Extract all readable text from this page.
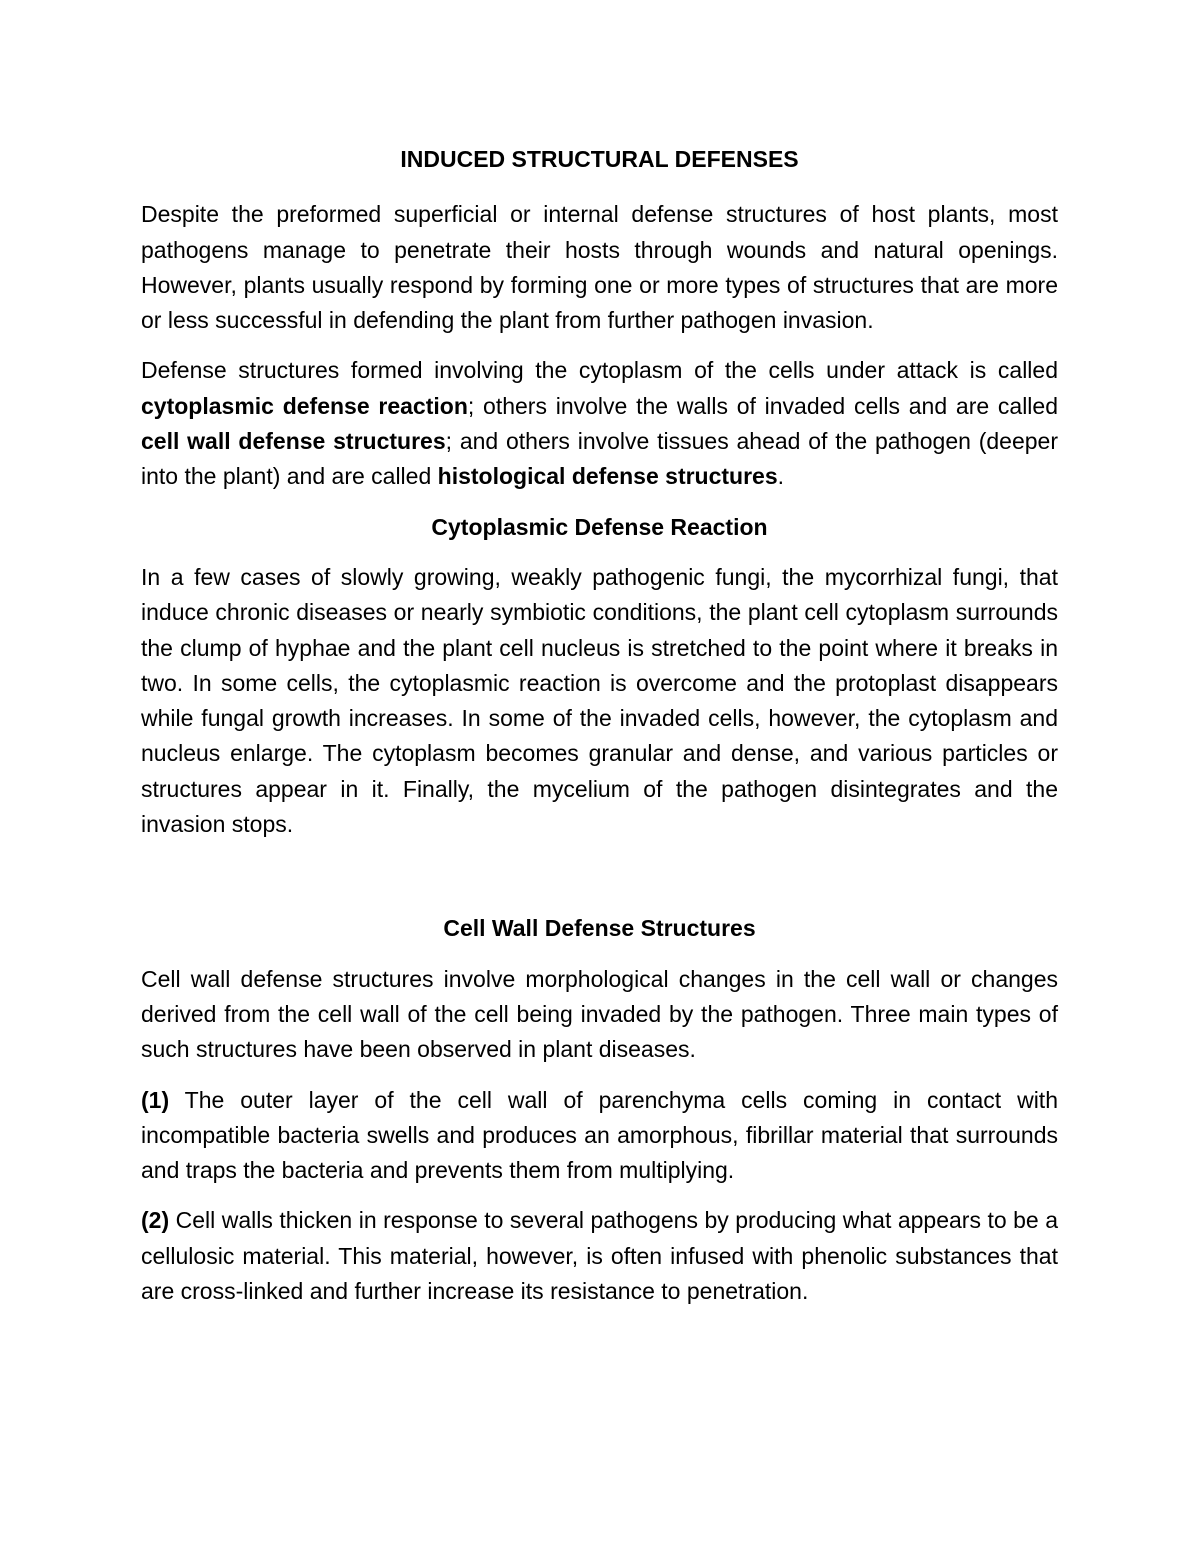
INDUCED STRUCTURAL DEFENSES

Despite the preformed superficial or internal defense structures of host plants, most pathogens manage to penetrate their hosts through wounds and natural openings. However, plants usually respond by forming one or more types of structures that are more or less successful in defending the plant from further pathogen invasion.

Defense structures formed involving the cytoplasm of the cells under attack is called cytoplasmic defense reaction; others involve the walls of invaded cells and are called cell wall defense structures; and others involve tissues ahead of the pathogen (deeper into the plant) and are called histological defense structures.

Cytoplasmic Defense Reaction

In a few cases of slowly growing, weakly pathogenic fungi, the mycorrhizal fungi, that induce chronic diseases or nearly symbiotic conditions, the plant cell cytoplasm surrounds the clump of hyphae and the plant cell nucleus is stretched to the point where it breaks in two. In some cells, the cytoplasmic reaction is overcome and the protoplast disappears while fungal growth increases. In some of the invaded cells, however, the cytoplasm and nucleus enlarge. The cytoplasm becomes granular and dense, and various particles or structures appear in it. Finally, the mycelium of the pathogen disintegrates and the invasion stops.

Cell Wall Defense Structures

Cell wall defense structures involve morphological changes in the cell wall or changes derived from the cell wall of the cell being invaded by the pathogen. Three main types of such structures have been observed in plant diseases.

(1) The outer layer of the cell wall of parenchyma cells coming in contact with incompatible bacteria swells and produces an amorphous, fibrillar material that surrounds and traps the bacteria and prevents them from multiplying.

(2) Cell walls thicken in response to several pathogens by producing what appears to be a cellulosic material. This material, however, is often infused with phenolic substances that are cross-linked and further increase its resistance to penetration.
